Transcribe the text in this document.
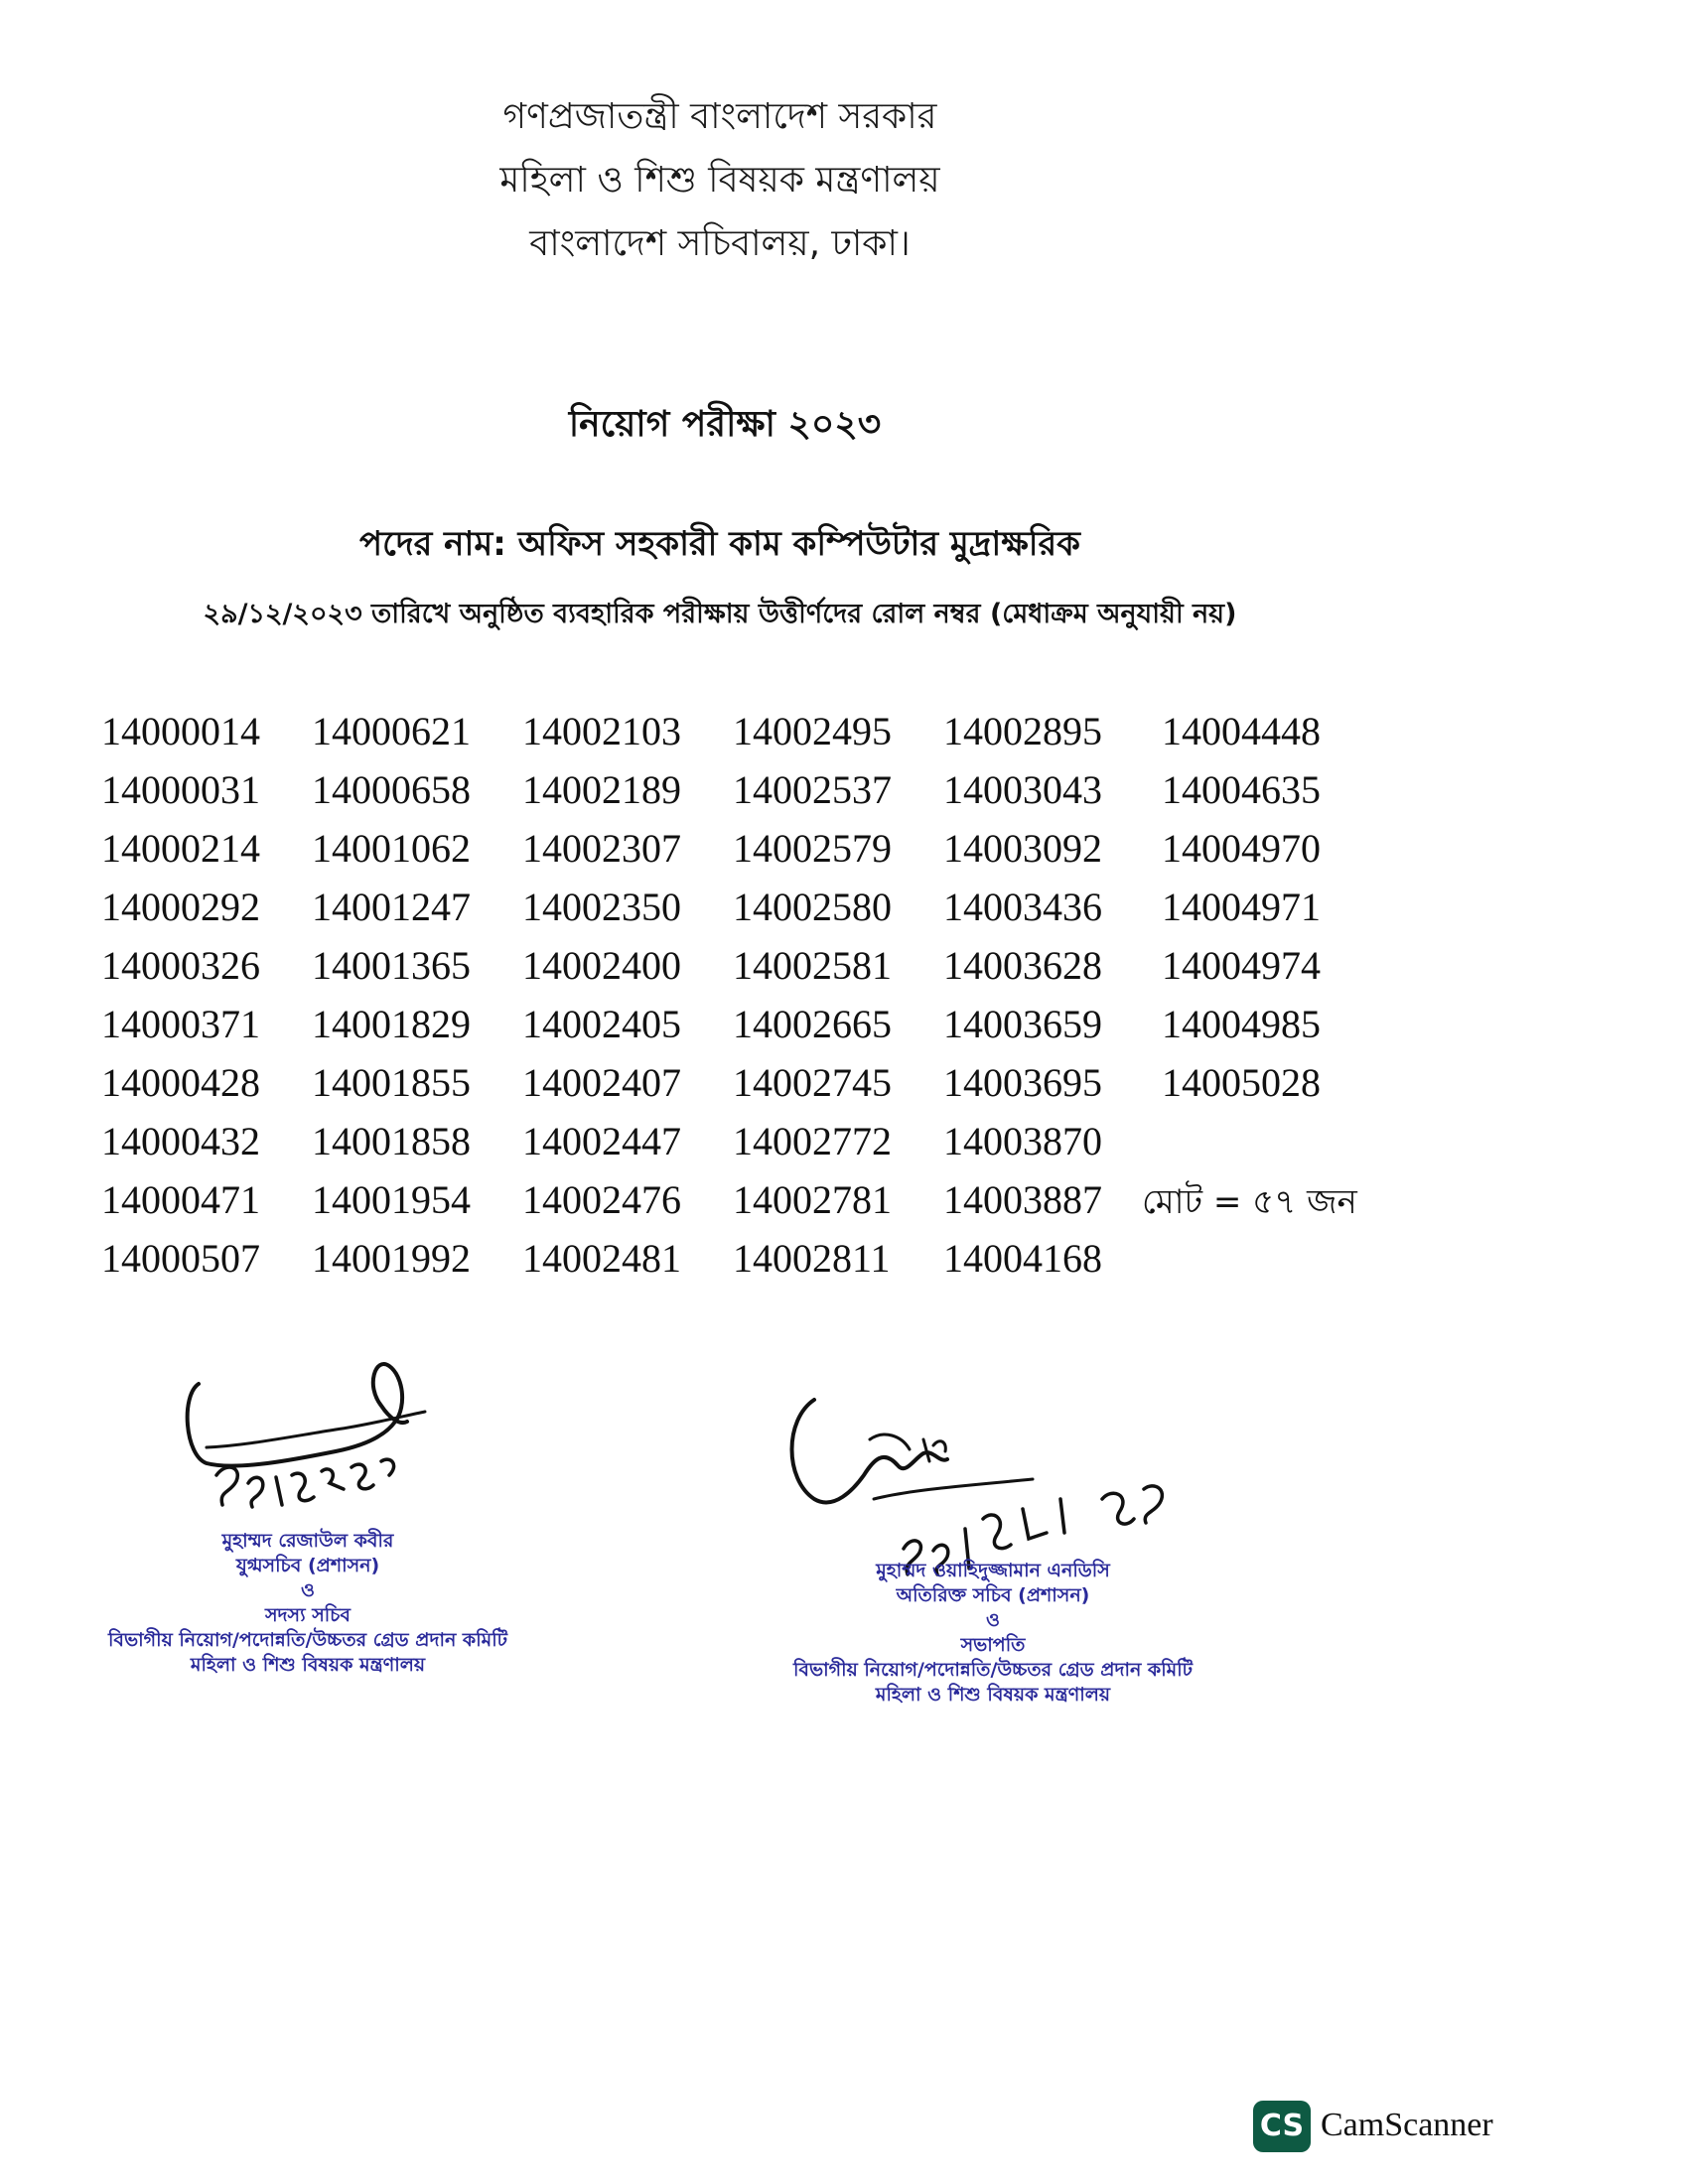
গণপ্রজাতন্ত্রী বাংলাদেশ সরকার
মহিলা ও শিশু বিষয়ক মন্ত্রণালয়
বাংলাদেশ সচিবালয়, ঢাকা।
নিয়োগ পরীক্ষা ২০২৩
পদের নাম: অফিস সহকারী কাম কম্পিউটার মুদ্রাক্ষরিক
২৯/১২/২০২৩ তারিখে অনুষ্ঠিত ব্যবহারিক পরীক্ষায় উত্তীর্ণদের রোল নম্বর (মেধাক্রম অনুযায়ী নয়)
14000014 14000621 14002103 14002495 14002895 14004448
14000031 14000658 14002189 14002537 14003043 14004635
14000214 14001062 14002307 14002579 14003092 14004970
14000292 14001247 14002350 14002580 14003436 14004971
14000326 14001365 14002400 14002581 14003628 14004974
14000371 14001829 14002405 14002665 14003659 14004985
14000428 14001855 14002407 14002745 14003695 14005028
14000432 14001858 14002447 14002772 14003870
14000471 14001954 14002476 14002781 14003887
14000507 14001992 14002481 14002811 14004168
মোট = ৫৭ জন
মুহাম্মদ রেজাউল কবীর
যুগ্মসচিব (প্রশাসন)
ও
সদস্য সচিব
বিভাগীয় নিয়োগ/পদোন্নতি/উচ্চতর গ্রেড প্রদান কমিটি
মহিলা ও শিশু বিষয়ক মন্ত্রণালয়
মুহাম্মদ ওয়াহিদুজ্জামান এনডিসি
অতিরিক্ত সচিব (প্রশাসন)
ও
সভাপতি
বিভাগীয় নিয়োগ/পদোন্নতি/উচ্চতর গ্রেড প্রদান কমিটি
মহিলা ও শিশু বিষয়ক মন্ত্রণালয়
CS CamScanner
